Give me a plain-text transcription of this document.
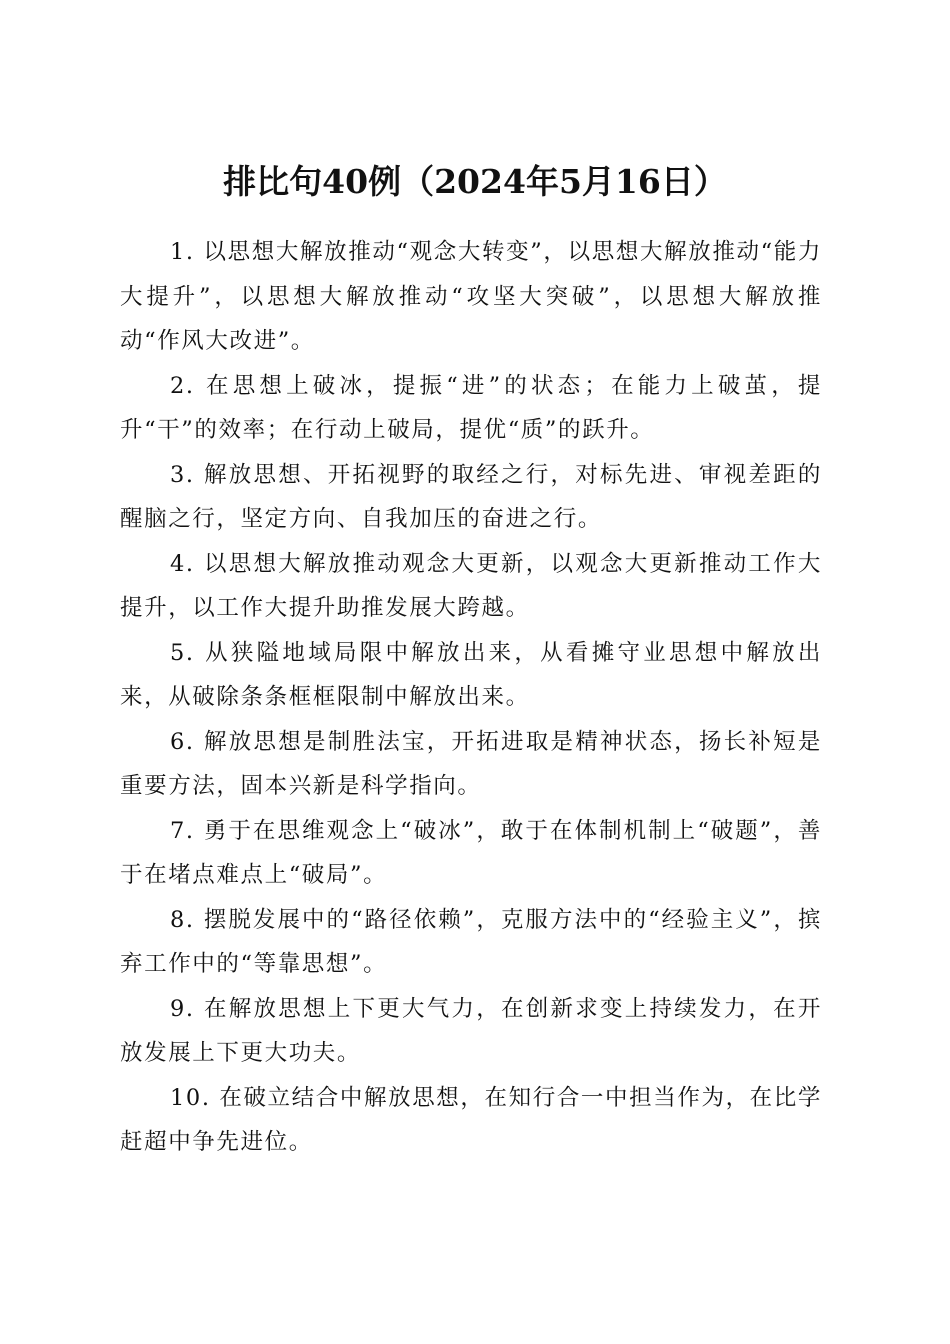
排比句40例（2024年5月16日）

1. 以思想大解放推动“观念大转变”，以思想大解放推动“能力大提升”，以思想大解放推动“攻坚大突破”，以思想大解放推动“作风大改进”。

2. 在思想上破冰，提振“进”的状态；在能力上破茧，提升“干”的效率；在行动上破局，提优“质”的跃升。

3. 解放思想、开拓视野的取经之行，对标先进、审视差距的醒脑之行，坚定方向、自我加压的奋进之行。

4. 以思想大解放推动观念大更新，以观念大更新推动工作大提升，以工作大提升助推发展大跨越。

5. 从狭隘地域局限中解放出来，从看摊守业思想中解放出来，从破除条条框框限制中解放出来。

6. 解放思想是制胜法宝，开拓进取是精神状态，扬长补短是重要方法，固本兴新是科学指向。

7. 勇于在思维观念上“破冰”，敢于在体制机制上“破题”，善于在堵点难点上“破局”。

8. 摆脱发展中的“路径依赖”，克服方法中的“经验主义”，摈弃工作中的“等靠思想”。

9. 在解放思想上下更大气力，在创新求变上持续发力，在开放发展上下更大功夫。

10. 在破立结合中解放思想，在知行合一中担当作为，在比学赶超中争先进位。
